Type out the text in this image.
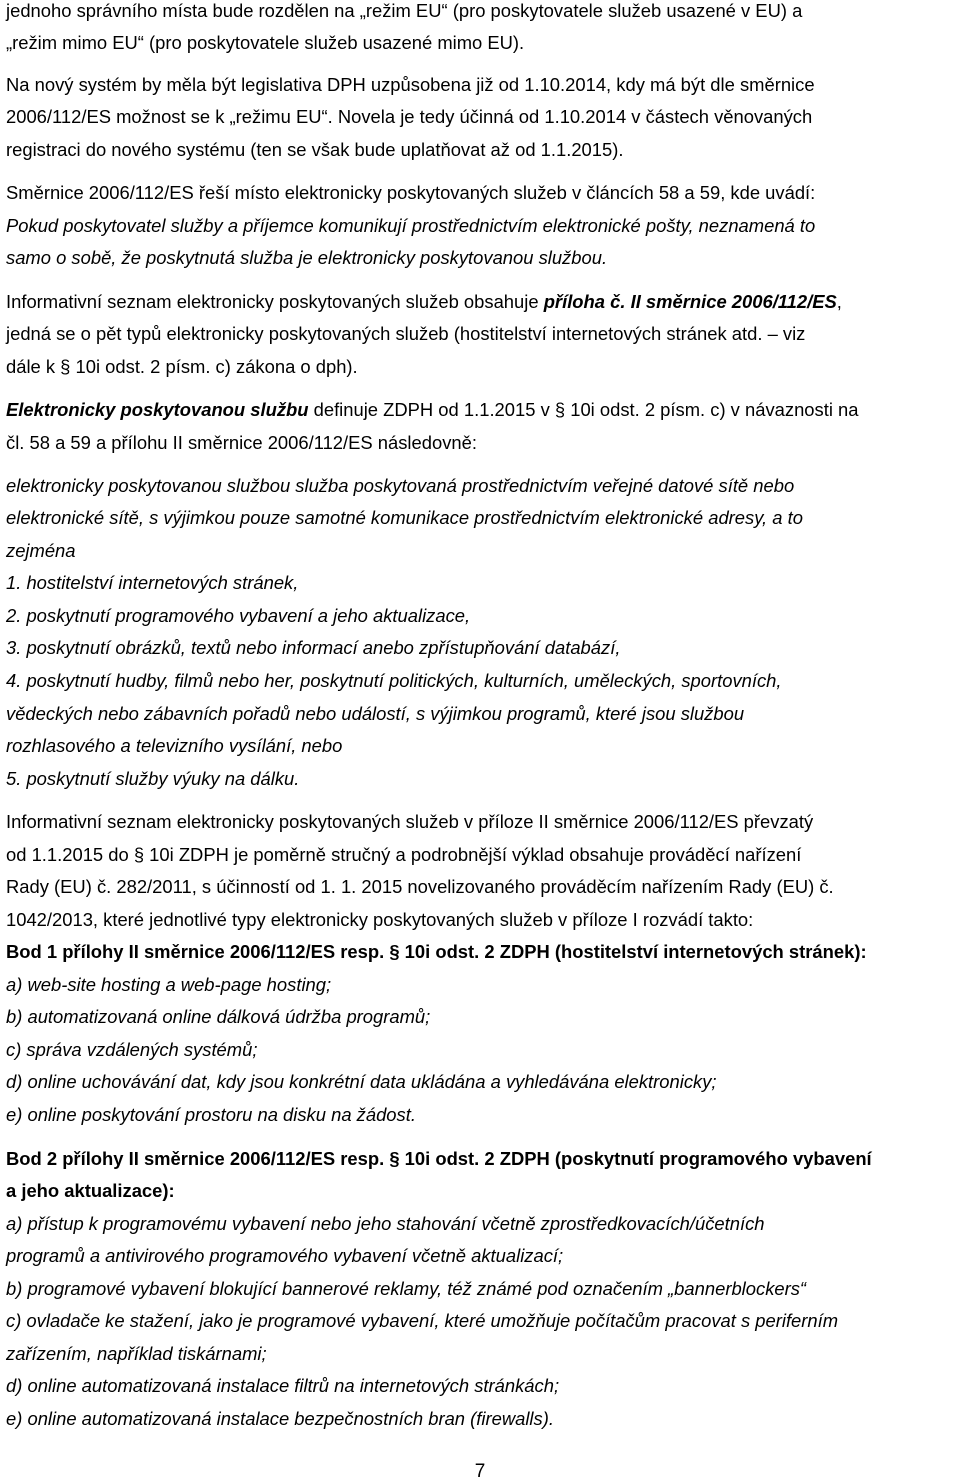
jednoho správního místa bude rozdělen na „režim EU“ (pro poskytovatele služeb usazené v EU) a
„režim mimo EU“ (pro poskytovatele služeb usazené mimo EU).
Na nový systém by měla být legislativa DPH uzpůsobena již od 1.10.2014, kdy má být dle směrnice
2006/112/ES možnost se k „režimu EU“. Novela je tedy účinná od 1.10.2014 v částech věnovaných
registraci do nového systému (ten se však bude uplatňovat až od 1.1.2015).
Směrnice 2006/112/ES řeší místo elektronicky poskytovaných služeb v článcích 58 a 59, kde uvádí:
Pokud poskytovatel služby a příjemce komunikují prostřednictvím elektronické pošty, neznamená to
samo o sobě, že poskytnutá služba je elektronicky poskytovanou službou.
Informativní seznam elektronicky poskytovaných služeb obsahuje příloha č. II směrnice 2006/112/ES,
jedná se o pět typů elektronicky poskytovaných služeb (hostitelství internetových stránek atd. – viz
dále k § 10i odst. 2 písm. c) zákona o dph).
Elektronicky poskytovanou službu definuje ZDPH od 1.1.2015 v § 10i odst. 2 písm. c) v návaznosti na
čl. 58 a 59 a přílohu II směrnice 2006/112/ES následovně:
elektronicky poskytovanou službou služba poskytovaná prostřednictvím veřejné datové sítě nebo
elektronické sítě, s výjimkou pouze samotné komunikace prostřednictvím elektronické adresy, a to
zejména
1. hostitelství internetových stránek,
2. poskytnutí programového vybavení a jeho aktualizace,
3. poskytnutí obrázků, textů nebo informací anebo zpřístupňování databází,
4. poskytnutí hudby, filmů nebo her, poskytnutí politických, kulturních, uměleckých, sportovních,
vědeckých nebo zábavních pořadů nebo událostí, s výjimkou programů, které jsou službou
rozhlasového a televizního vysílání, nebo
5. poskytnutí služby výuky na dálku.
Informativní seznam elektronicky poskytovaných služeb v příloze II směrnice 2006/112/ES převzatý
od 1.1.2015 do § 10i ZDPH je poměrně stručný a podrobnější výklad obsahuje prováděcí nařízení
Rady (EU) č. 282/2011, s účinností od 1. 1. 2015 novelizovaného prováděcím nařízením Rady (EU) č.
1042/2013, které jednotlivé typy elektronicky poskytovaných služeb v příloze I rozvádí takto:
Bod 1 přílohy II směrnice 2006/112/ES resp. § 10i odst. 2 ZDPH (hostitelství internetových stránek):
a) web-site hosting a web-page hosting;
b) automatizovaná online dálková údržba programů;
c) správa vzdálených systémů;
d) online uchovávání dat, kdy jsou konkrétní data ukládána a vyhledávána elektronicky;
e) online poskytování prostoru na disku na žádost.
Bod 2 přílohy II směrnice 2006/112/ES resp. § 10i odst. 2 ZDPH (poskytnutí programového vybavení
a jeho aktualizace):
a) přístup k programovému vybavení nebo jeho stahování včetně zprostředkovacích/účetních
programů a antivirového programového vybavení včetně aktualizací;
b) programové vybavení blokující bannerové reklamy, též známé pod označením „bannerblockers“
c) ovladače ke stažení, jako je programové vybavení, které umožňuje počítačům pracovat s periferním
zařízením, například tiskárnami;
d) online automatizovaná instalace filtrů na internetových stránkách;
e) online automatizovaná instalace bezpečnostních bran (firewalls).
7
